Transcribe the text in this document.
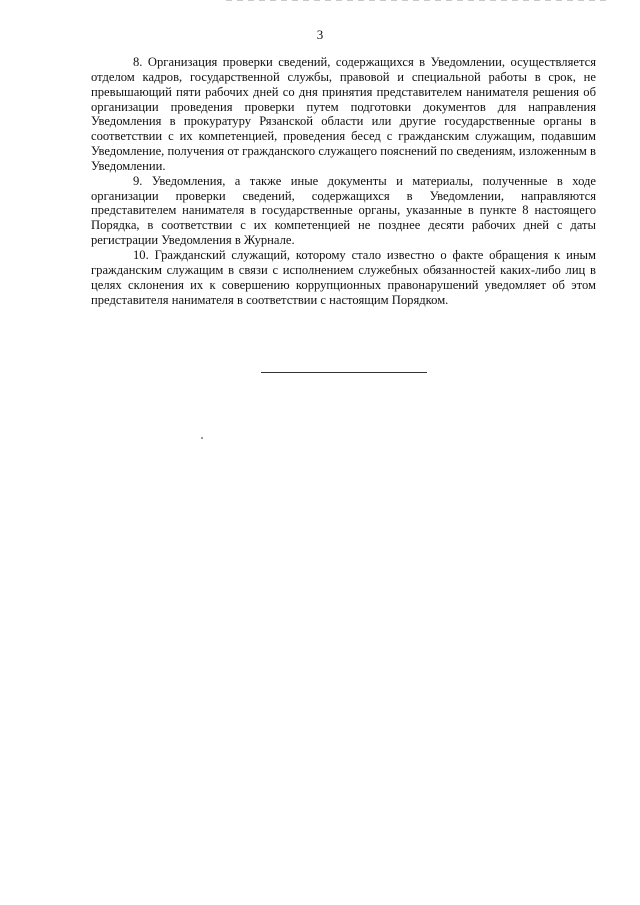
3

8. Организация проверки сведений, содержащихся в Уведомлении, осуществляется отделом кадров, государственной службы, правовой и специальной работы в срок, не превышающий пяти рабочих дней со дня принятия представителем нанимателя решения об организации проведения проверки путем подготовки документов для направления Уведомления в прокуратуру Рязанской области или другие государственные органы в соответствии с их компетенцией, проведения бесед с гражданским служащим, подавшим Уведомление, получения от гражданского служащего пояснений по сведениям, изложенным в Уведомлении.

9. Уведомления, а также иные документы и материалы, полученные в ходе организации проверки сведений, содержащихся в Уведомлении, направляются представителем нанимателя в государственные органы, указанные в пункте 8 настоящего Порядка, в соответствии с их компетенцией не позднее десяти рабочих дней с даты регистрации Уведомления в Журнале.

10. Гражданский служащий, которому стало известно о факте обращения к иным гражданским служащим в связи с исполнением служебных обязанностей каких-либо лиц в целях склонения их к совершению коррупционных правонарушений уведомляет об этом представителя нанимателя в соответствии с настоящим Порядком.
